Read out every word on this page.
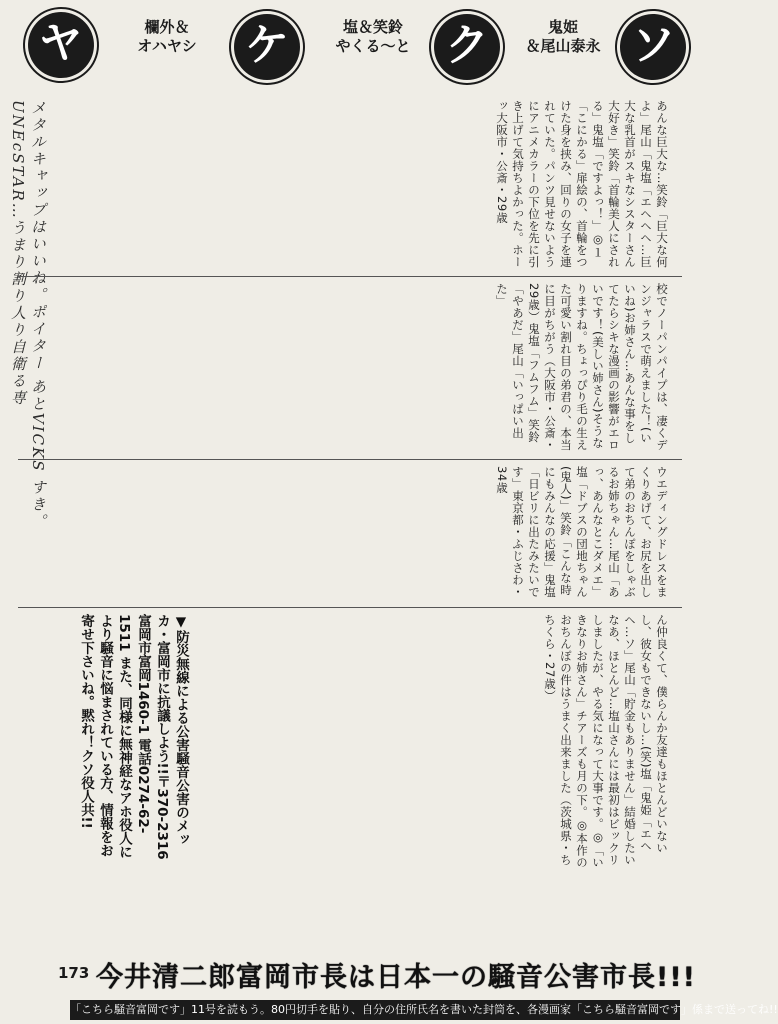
ヤ	欄外＆
オハヤシ	ケ	塩＆笑鈴
やくる〜と ク	鬼姫
＆尾山泰永 ソ
メタルキャップはいいね。ポイター あとVICKS すき。UNEcSTAR…うまり割り人り自衛る専	あんな巨大な…笑鈴「巨大な何よ」尾山「鬼塩「エヘヘヘ…巨大な乳首がスキなシスターさん大好き」笑鈴「首輪美人にされる」鬼塩「ですよっ！」◎１「こにかる」扉絵の、首輪をつけた身を挟み、回りの女子を連れていた。パンツ見せないようにアニメカラーの下位を先に引き上げて気持ちよかった。ホーッ大阪市・公斎・29歳
校でノーパンパイプは、凄くデンジャラスで萌えました！(いいね)お姉さん…あんな事をしてたらシキな漫画の影響がエロいです！(美しい姉さん)そうなりますね。ちょっぴり毛の生えた可愛い割れ目の弟君の、本当に目がちがう（大阪市・公斎・29歳）鬼塩「フムフム」笑鈴「やあだ」尾山「いっぱい出た」
ウエディングドレスをまくりあげて、お尻を出して弟のおちんぽをしゃぶるお姉ちゃん…尾山「あっ、あんなとこダメエ」塩「ドブスの団地ちゃん(鬼人)」笑鈴「こんな時にもみんなの応援」鬼塩「日ビリに出たみたいです」東京都・ふじさわ・34歳
▼防災無線による公害騒音公害のメッカ・富岡市に抗議しよう!!〒370-2316 富岡市富岡1460-1 電話0274-62-1511 また、同様に無神経なアホ役人により騒音に悩まされている方、情報をお寄せ下さいね。黙れ！クソ役人共!!	ん仲良くて、僕らんか友達もほとんどいないし、彼女もできないし…(笑)塩「鬼姫「エヘヘ…ソ」尾山「貯金もありません」結婚したいなあ、ほとんど…塩山さんには最初はビックリしましたが、やる気になって大事です。◎「いきなりお姉さん」チアーズも月の下。◎本作のおちんぽの件はうまく出来ました（茨城県・ちちくら・27歳）
173 今井清二郎富岡市長は日本一の騒音公害市長!!!
「こちら騒音富岡です」11号を読もう。80円切手を貼り、自分の住所氏名を書いた封筒を、各漫画家「こちら騒音富岡です」係まで送ってね!!
